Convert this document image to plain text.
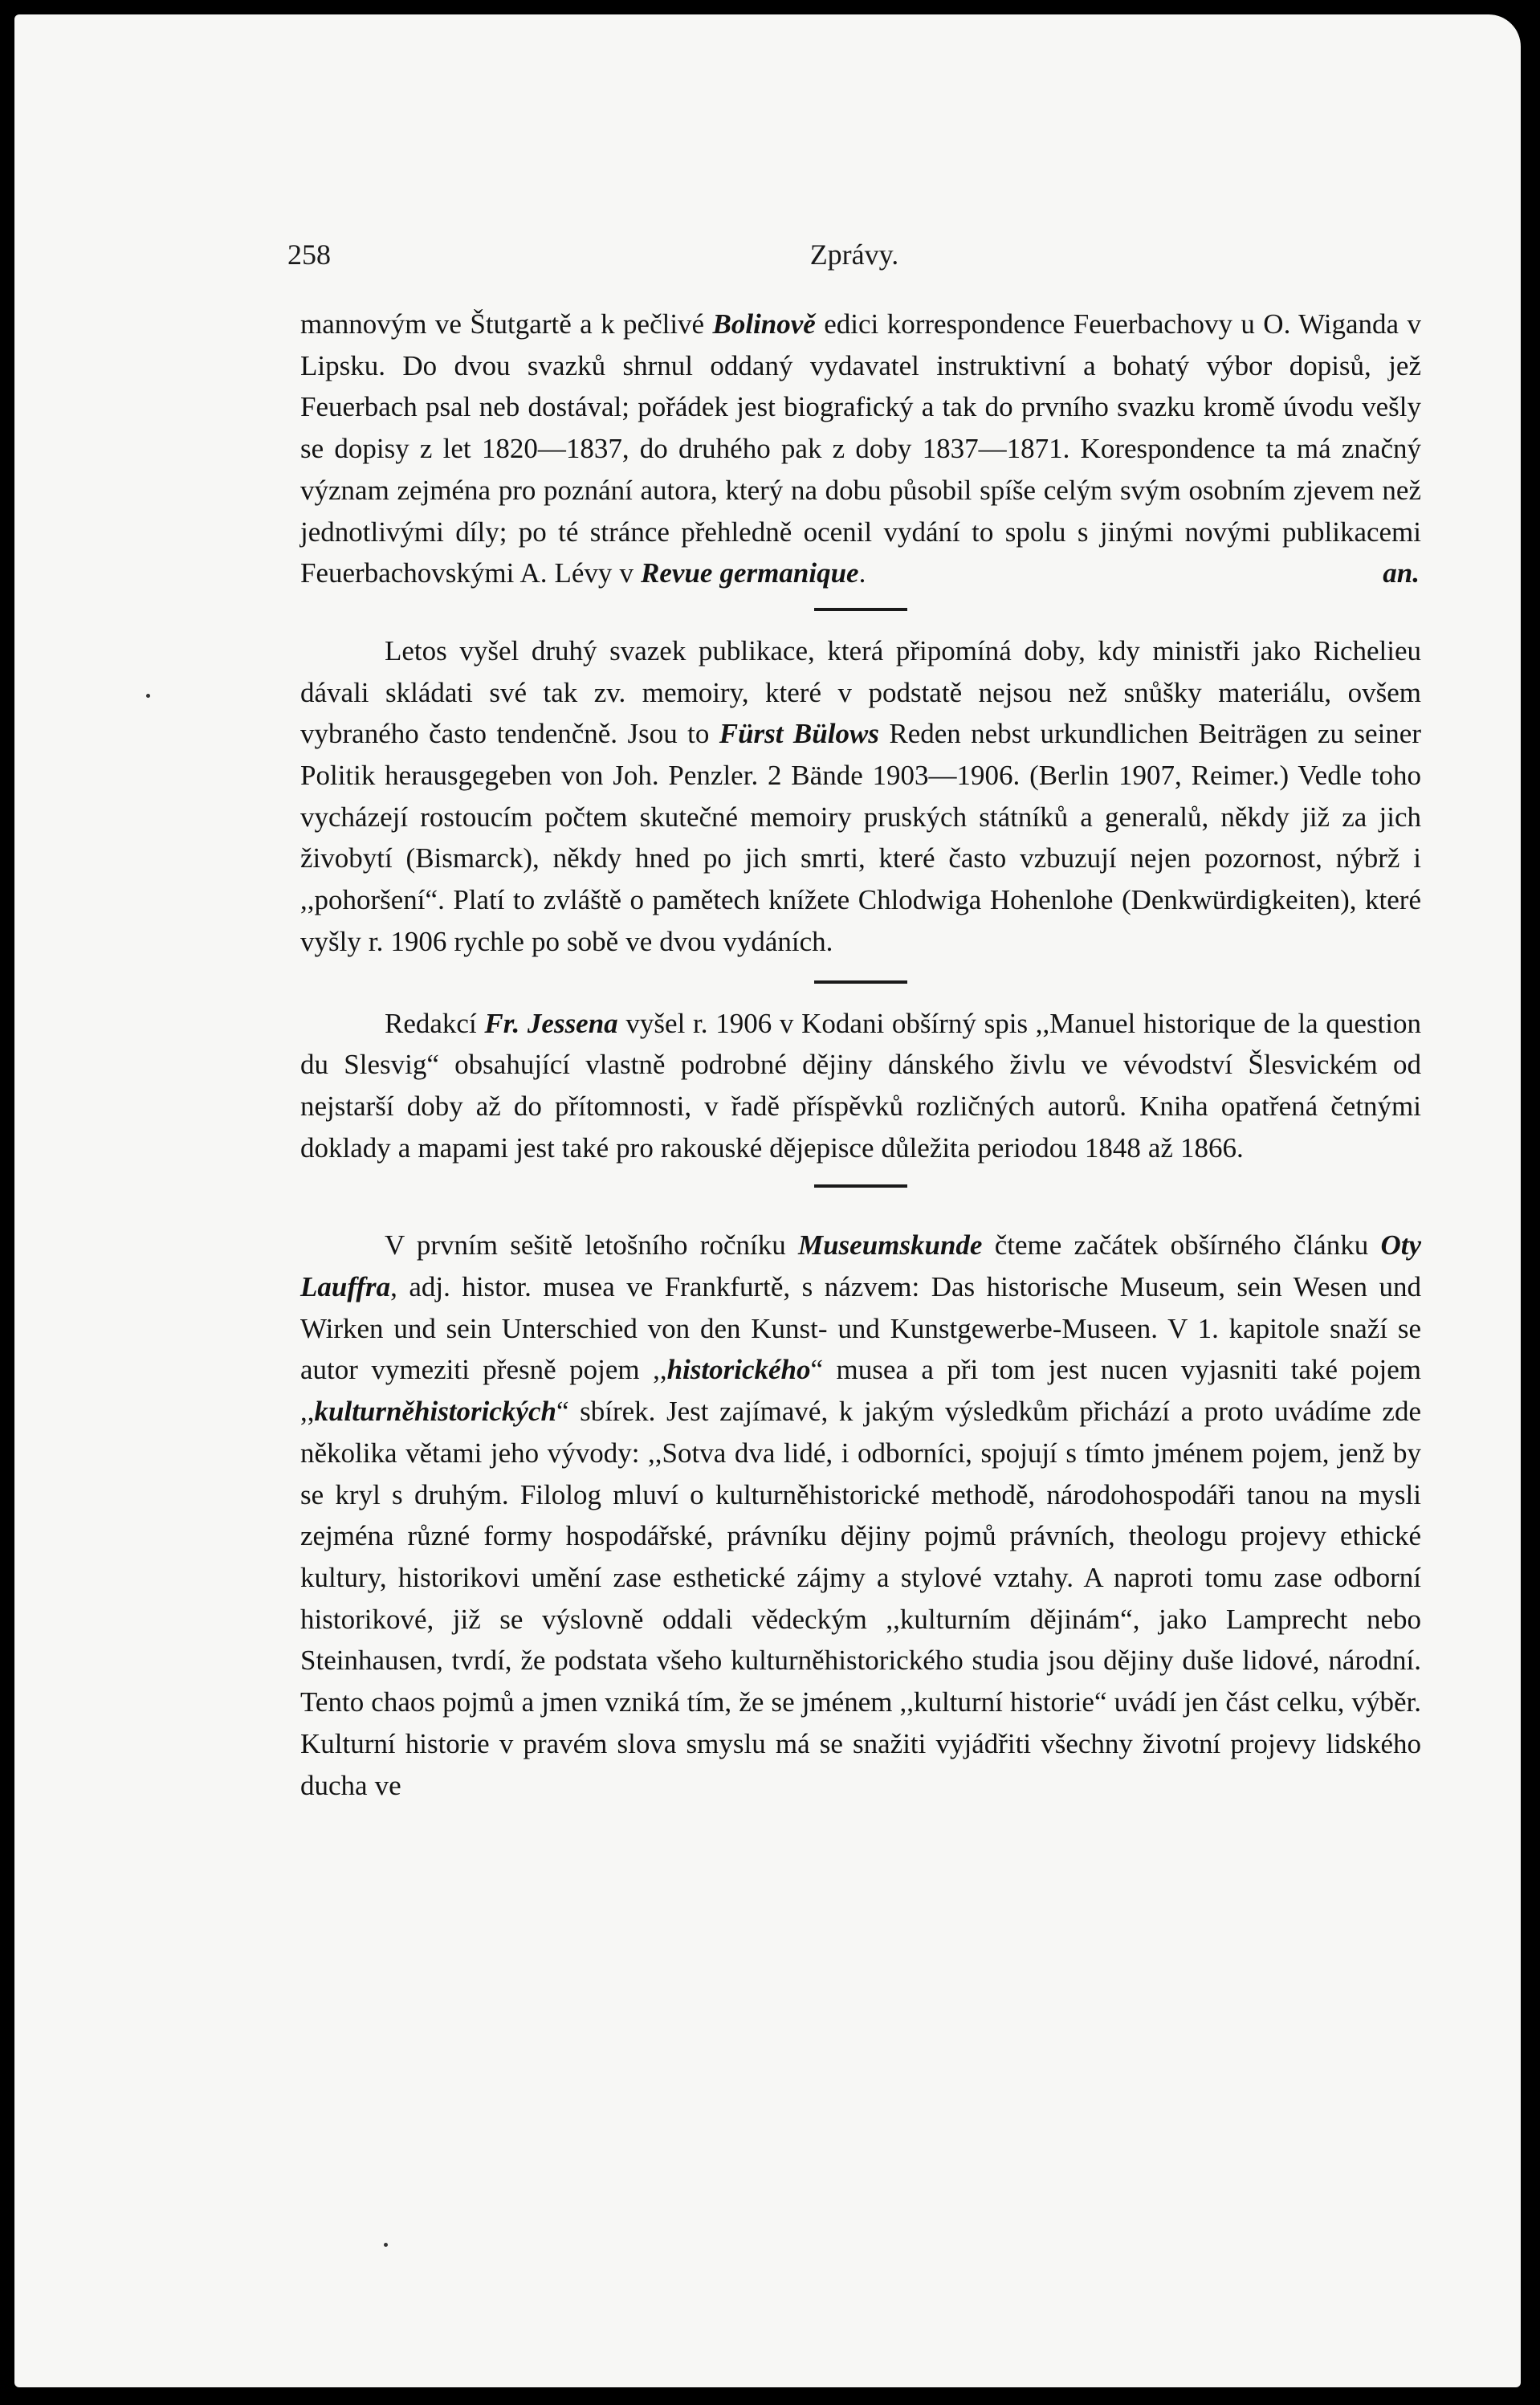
258	Zprávy.

mannovým ve Štutgartě a k pečlivé Bolinově edici korrespondence Feuerbachovy u O. Wiganda v Lipsku. Do dvou svazků shrnul oddaný vydavatel instruktivní a bohatý výbor dopisů, jež Feuerbach psal neb dostával; pořádek jest biografický a tak do prvního svazku kromě úvodu vešly se dopisy z let 1820—1837, do druhého pak z doby 1837—1871. Korespondence ta má značný význam zejména pro poznání autora, který na dobu působil spíše celým svým osobním zjevem než jednotlivými díly; po té stránce přehledně ocenil vydání to spolu s jinými novými publikacemi Feuerbachovskými A. Lévy v Revue germanique.	an.

Letos vyšel druhý svazek publikace, která připomíná doby, kdy ministři jako Richelieu dávali skládati své tak zv. memoiry, které v podstatě nejsou než snůšky materiálu, ovšem vybraného často tendenčně. Jsou to Fürst Bülows Reden nebst urkundlichen Beiträgen zu seiner Politik herausgegeben von Joh. Penzler. 2 Bände 1903—1906. (Berlin 1907, Reimer.) Vedle toho vycházejí rostoucím počtem skutečné memoiry pruských státníků a generalů, někdy již za jich živobytí (Bismarck), někdy hned po jich smrti, které často vzbuzují nejen pozornost, nýbrž i ,,pohoršení“. Platí to zvláště o pamětech knížete Chlodwiga Hohenlohe (Denkwürdigkeiten), které vyšly r. 1906 rychle po sobě ve dvou vydáních.

Redakcí Fr. Jessena vyšel r. 1906 v Kodani obšírný spis ,,Manuel historique de la question du Slesvig“ obsahující vlastně podrobné dějiny dánského živlu ve vévodství Šlesvickém od nejstarší doby až do přítomnosti, v řadě příspěvků rozličných autorů. Kniha opatřená četnými doklady a mapami jest také pro rakouské dějepisce důležita periodou 1848 až 1866.

V prvním sešitě letošního ročníku Museumskunde čteme začátek obšírného článku Oty Lauffra, adj. histor. musea ve Frankfurtě, s názvem: Das historische Museum, sein Wesen und Wirken und sein Unterschied von den Kunst- und Kunstgewerbe-Museen. V 1. kapitole snaží se autor vymeziti přesně pojem ,,historického“ musea a při tom jest nucen vyjasniti také pojem ,,kulturněhistorických“ sbírek. Jest zajímavé, k jakým výsledkům přichází a proto uvádíme zde několika větami jeho vývody: ,,Sotva dva lidé, i odborníci, spojují s tímto jménem pojem, jenž by se kryl s druhým. Filolog mluví o kulturněhistorické methodě, národohospodáři tanou na mysli zejména různé formy hospodářské, právníku dějiny pojmů právních, theologu projevy ethické kultury, historikovi umění zase esthetické zájmy a stylové vztahy. A naproti tomu zase odborní historikové, již se výslovně oddali vědeckým ,,kulturním dějinám“, jako Lamprecht nebo Steinhausen, tvrdí, že podstata všeho kulturněhistorického studia jsou dějiny duše lidové, národní. Tento chaos pojmů a jmen vzniká tím, že se jménem ,,kulturní historie“ uvádí jen část celku, výběr. Kulturní historie v pravém slova smyslu má se snažiti vyjádřiti všechny životní projevy lidského ducha ve
